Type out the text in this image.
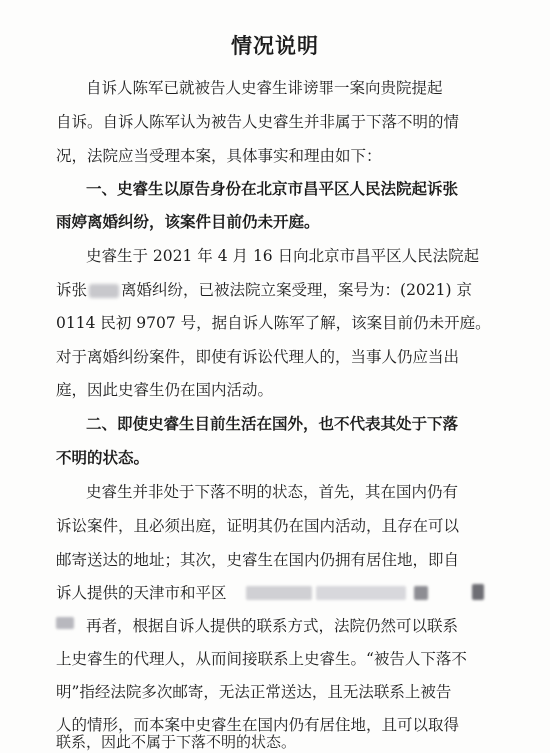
情况说明
自诉人陈军已就被告人史睿生诽谤罪一案向贵院提起
自诉。自诉人陈军认为被告人史睿生并非属于下落不明的情
况，法院应当受理本案，具体事实和理由如下：
一、史睿生以原告身份在北京市昌平区人民法院起诉张
雨婷离婚纠纷，该案件目前仍未开庭。
史睿生于 2021 年 4 月 16 日向北京市昌平区人民法院起
诉张 离婚纠纷，已被法院立案受理，案号为：(2021) 京
0114 民初 9707 号，据自诉人陈军了解，该案目前仍未开庭。
对于离婚纠纷案件，即使有诉讼代理人的，当事人仍应当出
庭，因此史睿生仍在国内活动。
二、即使史睿生目前生活在国外，也不代表其处于下落
不明的状态。
史睿生并非处于下落不明的状态，首先，其在国内仍有
诉讼案件，且必须出庭，证明其仍在国内活动，且存在可以
邮寄送达的地址；其次，史睿生在国内仍拥有居住地，即自
诉人提供的天津市和平区
再者，根据自诉人提供的联系方式，法院仍然可以联系
上史睿生的代理人，从而间接联系上史睿生。“被告人下落不
明”指经法院多次邮寄，无法正常送达，且无法联系上被告
人的情形，而本案中史睿生在国内仍有居住地，且可以取得
联系，因此不属于下落不明的状态。
